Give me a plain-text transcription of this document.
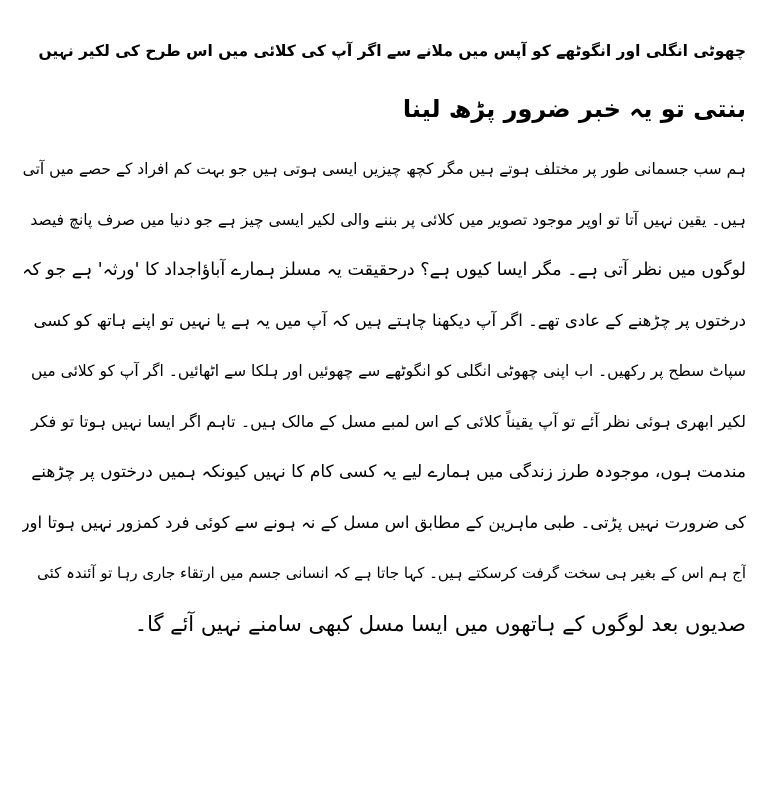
چھوٹی انگلی اور انگوٹھے کو آپس میں ملانے سے اگر آپ کی کلائی میں اس طرح کی لکیر نہیں
بنتی تو یہ خبر ضرور پڑھ لینا
ہم سب جسمانی طور پر مختلف ہوتے ہیں مگر کچھ چیزیں ایسی ہوتی ہیں جو بہت کم افراد کے حصے میں آتی
ہیں۔ یقین نہیں آتا تو اوپر موجود تصویر میں کلائی پر بننے والی لکیر ایسی چیز ہے جو دنیا میں صرف پانچ فیصد
لوگوں میں نظر آتی ہے۔ مگر ایسا کیوں ہے؟ درحقیقت یہ مسلز ہمارے آباؤاجداد کا 'ورثہ' ہے جو کہ
درختوں پر چڑھنے کے عادی تھے۔ اگر آپ دیکھنا چاہتے ہیں کہ آپ میں یہ ہے یا نہیں تو اپنے ہاتھ کو کسی
سپاٹ سطح پر رکھیں۔ اب اپنی چھوٹی انگلی کو انگوٹھے سے چھوئیں اور ہلکا سے اٹھائیں۔ اگر آپ کو کلائی میں
لکیر ابھری ہوئی نظر آئے تو آپ یقیناً کلائی کے اس لمبے مسل کے مالک ہیں۔ تاہم اگر ایسا نہیں ہوتا تو فکر
مندمت ہوں، موجودہ طرز زندگی میں ہمارے لیے یہ کسی کام کا نہیں کیونکہ ہمیں درختوں پر چڑھنے
کی ضرورت نہیں پڑتی۔ طبی ماہرین کے مطابق اس مسل کے نہ ہونے سے کوئی فرد کمزور نہیں ہوتا اور
آج ہم اس کے بغیر ہی سخت گرفت کرسکتے ہیں۔ کہا جاتا ہے کہ انسانی جسم میں ارتقاء جاری رہا تو آئندہ کئی
صدیوں بعد لوگوں کے ہاتھوں میں ایسا مسل کبھی سامنے نہیں آئے گا۔
